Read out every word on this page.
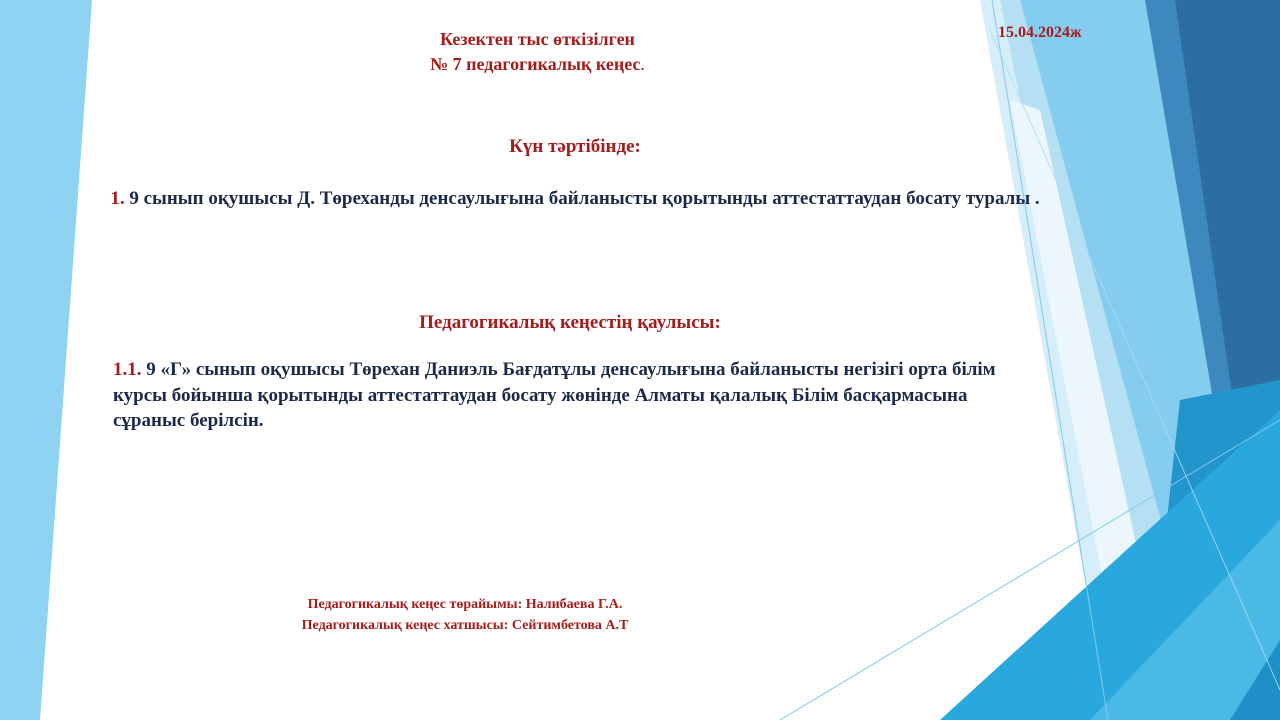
15.04.2024ж
Кезектен тыс өткізілген
№ 7 педагогикалық кеңес.
Күн тәртібінде:
1. 9 сынып оқушысы Д. Төреханды денсаулығына байланысты қорытынды аттестаттаудан босату туралы .
Педагогикалық кеңестің қаулысы:
1.1. 9 «Г» сынып оқушысы Төрехан Даниэль Бағдатұлы денсаулығына байланысты негізігі орта білім курсы бойынша қорытынды аттестаттаудан босату жөнінде Алматы қалалық Білім басқармасына сұраныс берілсін.
Педагогикалық кеңес төрайымы: Налибаева Г.А.
Педагогикалық кеңес хатшысы: Сейтимбетова А.Т
